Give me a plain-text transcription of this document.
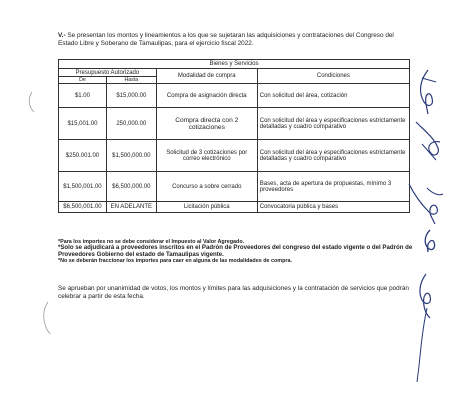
V.- Se presentan los montos y lineamientos a los que se sujetaran las adquisiciones y contrataciones del Congreso del Estado Libre y Soberano de Tamaulipas, para el ejercicio fiscal 2022.
Bienes y Servicios			
Presupuesto Autorizado		Modalidad de compra	Condiciones
De	Hasta		
$1.00	$15,000.00	Compra de asignación directa	Con solicitud del área, cotización
$15,001.00	250,000.00	Compra directa con 2 cotizaciones	Con solicitud del área y especificaciones estrictamente detalladas y cuadro comparativo
$250.001.00	$1,500,000.00	Solicitud de 3 cotizaciones por correo electrónico	Con solicitud del área y especificaciones estrictamente detalladas y cuadro comparativo
$1,500,001.00	$6,500,000.00	Concurso a sobre cerrado	Bases, acta de apertura de propuestas, mínimo 3 proveedores
$6,500,001.00	EN ADELANTE	Licitación pública	Convocatoria pública y bases
*Para los importes no se debe considerar el Impuesto al Valor Agregado.
*Solo se adjudicará a proveedores inscritos en el Padrón de Proveedores del congreso del estado vigente o del Padrón de Proveedores Gobierno del estado de Tamaulipas vigente.
*No se deberán fraccionar los importes para caer en alguna de las modalidades de compra.
Se aprueban por unanimidad de votos, los montos y límites para las adquisiciones y la contratación de servicios que podrán celebrar a partir de esta fecha.
